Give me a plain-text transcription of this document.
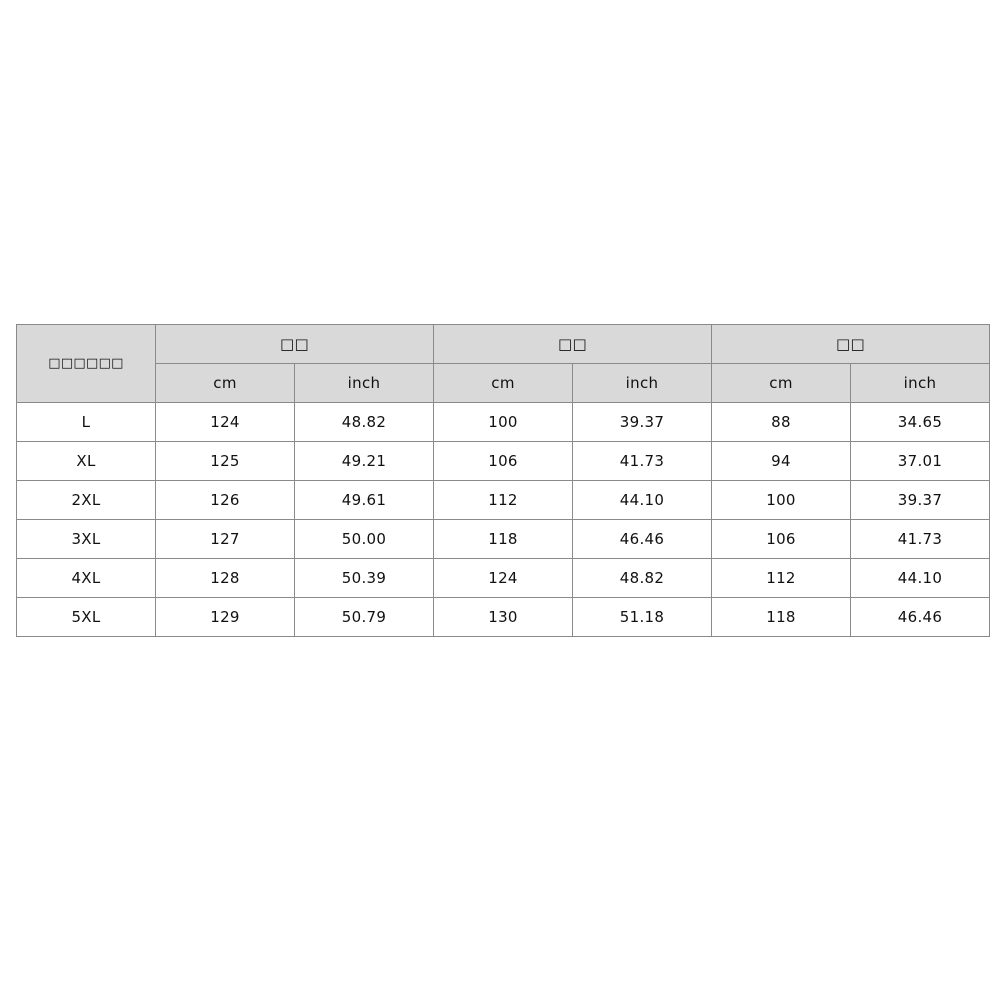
□□□□□□	□□		□□		□□	
	cm	inch	cm	inch	cm	inch
L	124	48.82	100	39.37	88	34.65
XL	125	49.21	106	41.73	94	37.01
2XL	126	49.61	112	44.10	100	39.37
3XL	127	50.00	118	46.46	106	41.73
4XL	128	50.39	124	48.82	112	44.10
5XL	129	50.79	130	51.18	118	46.46
